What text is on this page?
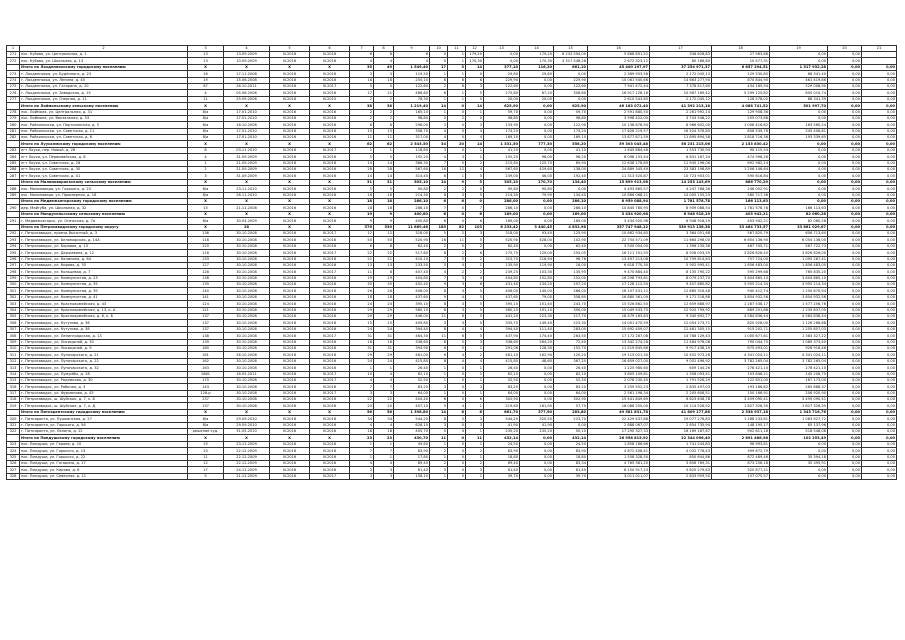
1	2	3	4	5	6	7	8	9	10	11	12	13	14	15	16	17	18	19	20	21	
271	пос. Кубово, ул. Центральная, д. 1	13	13.09.2009	IV.2016	IV.2016	8	8	8	0	1	179,20	0,00	179,20	6 233 594,00	5 868 891,52	336 828,83	27 963,66	0,00	0,00		
272	пос. Кубово, ул. Школьная, д. 13	13	10.09.2009	IV.2016	IV.2016	4	4	4	0	1	170,30	0,00	170,30	3 317 548,28	2 672 323,12	80 166,80	10 477,31	0,00	0,00		
	Итого по Лахденпохскому городскому поселению	X	X	X	X	35	49	1 549,40	17	3	14	377,10	116,20	661,10	45 400 197,97	37 254 971,37	6 857 294,51	1 317 932,28	0,00	0,00	
273	г. Лахденпохья, ул. Будённого, д. 23	16	17.11.2008	IV.2016	IV.2016	3	3	119,50	1	1	0	29,80	29,80	0,00	2 369 953,56	2 172 045,13	129 530,85	68 341,40	0,00	0,00	
274	г. Лахденпохья, ул. Ленина, д. 45	19	15.06.2008	IV.2016	IV.2016	18	18	255,10	6	6	6	229,90	0,00	229,90	10 061 540,66	14 663 277,90	870 844,90	461 419,86	0,00	0,00	
275	г. Лахденпохья, ул. Гагарина, д. 10	67	26.10.2011	IV.2016	III.2017	5	5	122,60	2	6	3	122,60	0,00	122,60	7 941 472,44	7 378 417,60	434 165,94	229 008,90	0,00	0,00	
276	г. Лахденпохья, ул. Заводская, д. 15	4	05.06.2006	IV.2016	IV.2016	17	21	486,60	6	1	5	275,80	67,20	308,60	16 917 128,18	10 967 169,42	5 299 125,82	650 010,74	0,00	0,00	
277	г. Лахденпохья, ул. Озерная, д. 11	11	25.09.2006	IV.2016	IV.2015	2	2	78,30	1	1	0	20,00	20,00	0,00	2 610 543,65	2 172 045,12	128 578,02	68 341,39	0,00	0,00	
	Итого по Лоймольскому сельскому поселению	X	X	X	X	38	38	1 219,40	14	0	14	625,90	0,00	625,90	46 183 072,40	41 392 213,18	4 088 741,52	501 997,70	0,00	0,00	
278	пос. Лоймола, ул. Центральная, д. 31	8/a	17.01.2010	IV.2016	IV.2016	2	2	165,10	1	0	1	59,70	0,00	59,70	2 591 880,50	2 261 992,14	129 958,36	0,00	0,00	0,00	
279	пос. Лоймола, ул. Вокзальная, д. 53	8/a	17.01.2010	IV.2016	IV.2016	2	2	98,80	0	2	0	98,80	0,00	98,80	3 998 422,00	3 743 548,22	255 073,68	0,00	0,00	0,00	
280	пос. Райконкоски, ул. Партизанская, д. 5	8/a	16.10.2008	IV.2016	IV.2016	8	8	296,00	3	0	3	133,90	0,00	122,90	10 138 678,94	8 966 602,00	1 008 416,62	163 560,24	0,00	0,00	
281	пос. Райконкоски, ул. Советская, д. 11	8/a	17.01.2010	IV.2016	IV.2016	15	15	358,70	4	0	4	174,20	0,00	174,20	17 626 219,57	16 524 376,85	856 539,78	245 406,81	0,00	0,00	
282	пос. Райконкоски, ул. Советская, д. 6	8/a	17.01.2010	IV.2016	IV.2016	11	11	317,00	4	0	4	169,10	0,00	169,10	13 877 871,59	11 895 694,58	1 818 716,36	193 339,65	0,00	0,00	
	Итого по Луусалмскому городскому поселению	X	X	X	X	62	62	2 543,50	34	20	14	1 331,50	777,30	558,20	59 303 045,48	56 231 215,06	2 153 830,42	0,00	0,00	0,00	
283	пгт Лоухи, пер. Новый, д. 28	8	03.11.2010	IV.2016	III.2017	1	1	118,80	3	0	1	41,10	0,00	41,10	1 645 884,48	1 553 730,94	90 115,54	0,00	0,00	0,00	
284	пгт Лоухи, ул. Первомайская, д. 8	4	31.09.2009	IV.2016	IV.2016	5	5	192,20	4	3	1	192,20	96,00	96,20	8 098 153,44	6 831 187,34	474 996,26	0,00	0,00	0,00	
285	пгт Лоухи, ул. Советская, д. 28	1	21.09.2009	IV.2016	IV.2016	14	14	366,30	7	5	2	215,60	125,70	89,90	12 638 178,89	11 945 196,06	692 982,14	0,00	0,00	0,00	
286	пгт Лоухи, ул. Советская, д. 30	2	21.09.2009	IV.2016	IV.2016	28	28	567,60	16	12	4	567,60	429,60	138,00	24 889 345,49	23 383 198,89	1 206 146,64	0,00	0,00	0,00	
287	пгт Лоухи, ул. Советская, д. 41	3	31.09.2009	IV.2016	IV.2016	14	14	314,40	6	1	5	239,00	46,00	192,40	11 313 520,87	10 723 903,01	590 616,84	0,00	0,00	0,00	
	Итого по Малиновараккскому сельскому поселению	X	X	X	X	31	31	505,10	14	9	5	305,10	170,70	134,40	15 899 913,98	14 253 143,69	886 770,29	0,00	0,00	0,00	
288	пос. Малиновара, ул. Горького, д. 23	8/a	23.11.2010	IV.2016	IV.2016	5	5	90,80	2	2	0	90,80	90,80	0,00	4 493 865,57	4 247 768,36	246 052,91	0,00	0,00	0,00	
289	пос. Малиновара, ул. Приозерная, д. 18	8/a	26.11.2010	IV.2016	IV.2016	16	16	214,30	8	3	5	214,30	79,90	134,40	10 686 068,21	10 005 155,23	580 717,38	0,00	0,00	0,00	
	Итого по Медвежьегорскому городскому поселению	X	X	X	X	18	18	286,10	6	6	0	286,00	0,00	286,10	8 959 088,94	1 781 578,78	166 113,63	0,00	0,00	0,00	
290	дер. Майгуба, ул. Школьная, д. 32	15	21.11.2008	IV.2016	IV.2016	18	18	286,10	7	0	7	286,10	0,00	286,10	10 845 780,95	8 959 088,54	1 781 578,78	166 113,63	0,00	0,00	
	Итого по Мяндусельгскому сельскому поселению	X	X	X	X	19	9	400,80	6	0	6	169,00	0,00	169,00	3 434 920,98	6 948 918,19	403 942,21	82 060,28	0,00	0,00	
291	г. Медвежьегорск, ул. Онежская, д. 7а	8/a	30.04.2009	IV.2016	IV.2016	9	9	400,80	6	0	6	169,00	0,00	169,00	3 434 920,98	6 948 918,19	403 942,21	82 060,28	0,00	0,00	
	Итого по Петрозаводскому городскому округу	X	28	X	X	576	530	11 869,46	185	82	103	8 233,42	3 440,45	4 832,98	357 747 948,12	330 913 136,38	33 464 733,57	33 861 029,67	0,00	0,00	
292	г. Петрозаводск, проезд Высотный, д. 3	136	30.10.2008	IV.2016	III.2017	12	12	318,00	5	2	3	318,00	93,40	125,90	10 862 934,65	3 364 051,68	567 820,79	656 713,60	0,00	0,00	
293	г. Петрозаводск, ул. Беломорская, д. 14А	118	30.10.2008	IV.2016	IV.2016	50	50	520,90	16	11	5	520,90	428,00	102,90	22 754 571,09	11 664 298,00	6 654 136,90	6 054 136,00	0,00	0,00	
294	г. Петрозаводск, ул. Боровая, д. 13	120	30.10.2008	IV.2016	IV.2016	6	6	62,40	2	0	2	62,40	0,00	62,40	3 500 054,00	1 396 235,36	467 705,71	567 722,73	0,00	0,00	
295	г. Петрозаводск, ул. Державина, д. 12	116	30.10.2008	IV.2016	III.2017	22	22	517,60	8	2	6	275,75	129,00	255,05	16 111 701,55	8 928 053,55	3 826 826,40	3 826 826,00	0,00	0,00	
296	г. Петрозаводск, ул. Калинина, д. 64	133	30.10.2008	IV.2016	IV.2016	21	21	410,10	7	5	2	315,70	216,94	98,76	13 497 213,08	10 759 814,63	757 724,00	1 095 267,41	0,00	0,00	
297	г. Петрозаводск, ул. Кирова, д. 55	127	30.10.2008	IV.2016	IV.2016	13	13	233,50	5	4	1	135,90	119,90	16,00	6 618 770,30	5 902 995,41	1 856 483,00	1 856 483,00	0,00	0,00	
298	г. Петрозаводск, ул. Кольцевая, д. 7	128	30.10.2008	IV.2016	IV.2017	11	8	407,40	4	2	2	239,25	103,30	135,95	9 470 884,40	8 135 790,22	595 299,68	765 835,20	0,00	0,00	
299	г. Петрозаводск, ул. Коммунистов, д. 23	138	30.10.2008	IV.2016	IV.2016	19	19	404,80	7	3	4	404,80	152,80	252,00	16 298 793,61	8 079 237,70	3 604 665,10	3 604 665,10	0,00	0,00	
300	г. Петрозаводск, ул. Коммунистов, д. 35	139	30.10.2008	IV.2016	IV.2016	35	35	452,40	9	3	6	431,40	134,20	297,20	17 128 112,50	9 457 685,82	3 955 214,34	3 955 214,34	0,00	0,00	
301	г. Петрозаводск, ул. Коммунистов, д. 39	140	30.10.2008	IV.2016	IV.2016	26	26	406,00	8	3	5	406,00	140,00	266,00	16 107 431,12	12 865 316,48	940 412,74	1 250 670,94	0,00	0,00	
302	г. Петрозаводск, ул. Коммунистов, д. 41	141	30.10.2008	IV.2016	IV.2016	18	18	437,60	9	4	5	437,60	79,00	358,60	16 880 361,09	9 171 218,88	3 854 932,56	3 854 932,56	0,00	0,00	
303	г. Петрозаводск, ул. Красноармейская, д. 43	124	30.10.2008	IV.2016	IV.2016	24	24	395,10	8	3	5	395,10	151,40	243,70	15 526 862,50	12 659 888,97	1 287 538,17	1 577 256,76	0,00	0,00	
304	г. Петрозаводск, ул. Красноармейская, д. 13, к. А	121	30.10.2008	IV.2016	IV.2016	29	29	580,10	8	3	5	580,10	191,10	390,00	15 049 533,75	12 925 799,92	889 251,66	1 235 837,05	0,00	0,00	
305	г. Петрозаводск, ул. Красноармейская, д. 6, к. Б	137	30.10.2008	IV.2016	IV.2016	29	29	446,00	11	6	5	441,20	223,30	217,70	18 479 163,63	9 340 692,77	4 584 836,44	4 584 836,44	0,00	0,00	
306	г. Петрозаводск, ул. Кутузова, д. 36	137	30.10.2008	IV.2016	IV.2016	15	15	409,80	3	3	0	335,70	149,40	223,30	14 001 470,59	12 054 273,71	820 928,00	1 126 268,88	0,00	0,00	
307	г. Петрозаводск, ул. Кутузова, д. 38	137	30.10.2008	IV.2016	IV.2016	24	24	394,40	8	4	4	394,40	111,40	283,00	15 692 409,07	12 461 305,15	915 202,71	1 255 857,03	0,00	0,00	
308	г. Петрозаводск, ул. Ленинградская, д. 13	138	30.10.2008	IV.2016	IV.2017	31	31	464,30	11	6	5	437,90	174,40	263,50	17 172 287,08	14 788 129,43	1 000 677,81	1 383 327,22	0,00	0,00	
309	г. Петрозаводск, ул. Лисицыной, д. 30	139	30.10.2008	IV.2016	IV.2016	18	18	336,60	8	5	3	336,60	264,20	72,40	13 342 274,28	11 484 976,06	790 044,75	1 089 373,40	0,00	0,00	
310	г. Петрozаводск, ул. Лисицыной, д. 9	160	30.10.2008	IV.2016	IV.2016	31	31	394,90	6	5	1	291,06	128,30	152,70	11 519 845,66	9 917 436,19	675 493,01	926 916,46	0,00	0,00	
311	г. Петрозаводск, ул. Луначарского, д. 21	161	26.10.2008	IV.2016	IV.2016	29	29	481,00	6	4	2	481,10	162,90	120,20	19 115 021,30	10 452 973,28	4 341 024,11	4 341 024,11	0,00	0,00	
312	г. Петрозаводск, ул. Луначарского, д. 22	162	30.10.2008	IV.2016	IV.2016	24	24	415,80	8	4	4	415,80	48,60	367,20	16 659 027,00	9 052 496,92	3 782 265,04	3 782 265,04	0,00	0,00	
313	г. Петрозаводск, ул. Луначарского, д. 32	163	30.10.2008	IV.2016	IV.2016	1	1	26,40	1	0	1	26,40	0,00	26,40	1 225 980,60	609 144,26	278 421,10	278 421,10	0,00	0,00	
314	г. Петрозаводск, ул. Лумумбы, д. 28	1661	18.05.2011	IV.2016	III.2017	10	4	62,10	1	0	1	62,10	0,00	62,10	3 805 109,81	1 358 093,41	103 846,21	145 208,75	0,00	0,00	
315	г. Петрозаводск, ул. Родникова, д. 30	170	30.10.2008	IV.2016	III.2017	4	4	52,50	1	0	1	52,50	0,00	52,50	2 078 230,40	1 791 526,29	122 851,00	167 173,00	0,00	0,00	
316	г. Петрозаводск, ул. Рабочая, д. 3	143	30.10.2008	IV.2016	IV.2016	7	7	83,20	3	0	3	83,20	0,00	83,20	3 259 552,23	2 835 497,03	193 166,82	265 888,37	0,00	0,00	
317	г. Петрозаводск, ул. Фурманова, д. 45	126-p	30.10.2008	IV.2016	III.2017	3	3	64,00	1	0	1	64,00	0,00	64,00	2 561 196,34	2 205 608,51	150 166,91	206 920,90	0,00	0,00	
318	г. Петрозаводск, ш. Шуйское, д. 7, к. Б	137	30.10.2008	IV.2016	IV.2016	22	22	404,40	6	0	6	302,90	0,00	302,90	15 441 849,69	6 623 638,78	3 459 090,41	3 459 090,41	0,00	0,00	
319	г. Петрозаводск, ш. Шуйское, д. 7, к. Д	137	30.10.2008	IV.2016	IV.2016	20	20	457,10	5	4	1	219,60	161,90	57,70	18 086 250,00	10 114 526,92	1 827 326,35	1 827 326,35	0,00	0,00	
	Итого по Питкярантскому городскому поселению	X	X	X	X	56	56	1 398,80	14	8	6	661,70	377,90	283,80	49 581 831,78	41 809 177,86	2 338 937,18	1 343 716,76	0,00	0,00	
320	г. Питкяранта, ул. Пушкинская, д. 27	8/a	29.09.2010	IV.2016	IV.2016	34	34	544,20	8	5	3	544,20	320,50	223,70	22 429 437,88	19 077 276,83	1 288 233,61	1 063 927,72	0,00	0,00	
321	г. Питкяранта, ул. Горького, д. 56	8/a	29.09.2010	IV.2016	IV.2016	4	4	628,10	3	0	3	41,90	41,90	0,00	2 888 067,07	2 654 735,94	148 195,17	85 137,96	0,00	0,00	
322	г. Питкяранта, ул. Ленина, д. 12	решение суд.	31.05.2010	IV.2016	IV.2016	18	18	405,70	5	4	1	235,20	235,20	50,10	17 290 327,33	16 169 167,67	902 611,18	518 548,08	0,00	0,00	
	Итого по Пиндушскому городскому поселению	X	X	X	X	23	23	430,70	11	0	11	432,14	0,00	432,14	26 958 815,92	22 344 096,40	2 691 486,98	102 253,49	0,00	0,00	
323	пос. Пиндуши, ул. Героев, д. 10	15	23.12.2009	IV.2016	IV.2016	1	1	49,60	1	0	1	24,50	0,00	24,50	1 858 186,66	1 741 244,83	96 993,81	0,00	0,00	0,00	
324	пос. Пиндуши, ул. Горького, д. 13	10	22.12.2009	IV.2016	IV.2016	7	7	83,90	2	0	2	83,90	0,00	83,90	4 872 408,41	4 032 776,43	399 672,79	0,00	0,00	0,00	
325	пос. Пиндуши, ул. Горького, д. 22	11	22.12.2009	IV.2016	IV.2016	1	1	17,80	1	0	1	18,80	0,00	18,80	1 558 328,50	850 644,86	672 489,46	35 394,18	0,00	0,00	
326	пос. Пиндуши, ул. Гагарина, д. 17	12	22.12.2009	IV.2016	IV.2016	4	4	69,40	2	0	2	69,40	0,00	83,34	4 765 381,20	3 856 769,31	873 256,18	35 395,91	0,00	0,00	
327	пос. Пиндуши, ул. Кирова, д. 6	17	24.12.2009	IV.2016	IV.2016	3	3	81,40	3	0	3	81,40	0,00	81,40	6 150 917,23	5 820 279,63	320 877,21	0,00	0,00	0,00	
328	пос. Пиндуши, ул. Северная, д. 11	5	21.12.2009	IV.2016	IV.2017	3	3	158,10	1	0	1	39,70	0,00	39,70	3 011 011,07	2 833 959,50	157 075,57	0,00	0,00	0,00	
